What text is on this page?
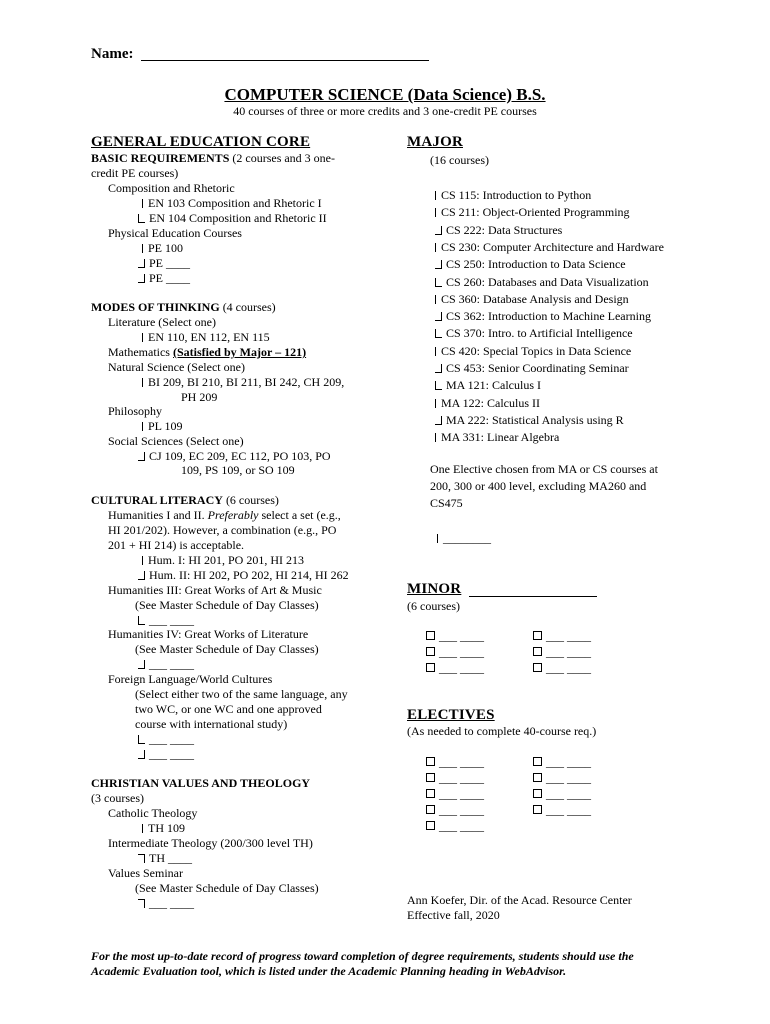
Name:
COMPUTER SCIENCE (Data Science) B.S.
40 courses of three or more credits and 3 one-credit PE courses
GENERAL EDUCATION CORE
BASIC REQUIREMENTS (2 courses and 3 one-
credit PE courses)
Composition and Rhetoric
EN 103 Composition and Rhetoric I
EN 104 Composition and Rhetoric II
Physical Education Courses
PE 100
PE ____
PE ____
MODES OF THINKING (4 courses)
Literature (Select one)
EN 110, EN 112, EN 115
Mathematics (Satisfied by Major – 121)
Natural Science (Select one)
BI 209, BI 210, BI 211, BI 242, CH 209,
PH 209
Philosophy
PL 109
Social Sciences (Select one)
CJ 109, EC 209, EC 112, PO 103, PO
109, PS 109, or SO 109
CULTURAL LITERACY (6 courses)
Humanities I and II. Preferably select a set (e.g.,
HI 201/202). However, a combination (e.g., PO
201 + HI 214) is acceptable.
Hum. I: HI 201, PO 201, HI 213
Hum. II: HI 202, PO 202, HI 214, HI 262
Humanities III: Great Works of Art & Music
(See Master Schedule of Day Classes)
___ ____
Humanities IV: Great Works of Literature
(See Master Schedule of Day Classes)
___ ____
Foreign Language/World Cultures
(Select either two of the same language, any
two WC, or one WC and one approved
course with international study)
___ ____
___ ____
CHRISTIAN VALUES AND THEOLOGY
(3 courses)
Catholic Theology
TH 109
Intermediate Theology (200/300 level TH)
TH ____
Values Seminar
(See Master Schedule of Day Classes)
___ ____
MAJOR
(16 courses)
CS 115: Introduction to Python
CS 211: Object-Oriented Programming
CS 222: Data Structures
CS 230: Computer Architecture and Hardware
CS 250: Introduction to Data Science
CS 260: Databases and Data Visualization
CS 360: Database Analysis and Design
CS 362: Introduction to Machine Learning
CS 370: Intro. to Artificial Intelligence
CS 420: Special Topics in Data Science
CS 453: Senior Coordinating Seminar
MA 121: Calculus I
MA 122: Calculus II
MA 222: Statistical Analysis using R
MA 331: Linear Algebra
One Elective chosen from MA or CS courses at
200, 300 or 400 level, excluding MA260 and
CS475
________
MINOR
(6 courses)
___ ____
___ ____
___ ____
___ ____
___ ____
___ ____
ELECTIVES
(As needed to complete 40-course req.)
___ ____
___ ____
___ ____
___ ____
___ ____
___ ____
___ ____
___ ____
___ ____
Ann Koefer, Dir. of the Acad. Resource Center
Effective fall, 2020
For the most up-to-date record of progress toward completion of degree requirements, students should use the
Academic Evaluation tool, which is listed under the Academic Planning heading in WebAdvisor.
